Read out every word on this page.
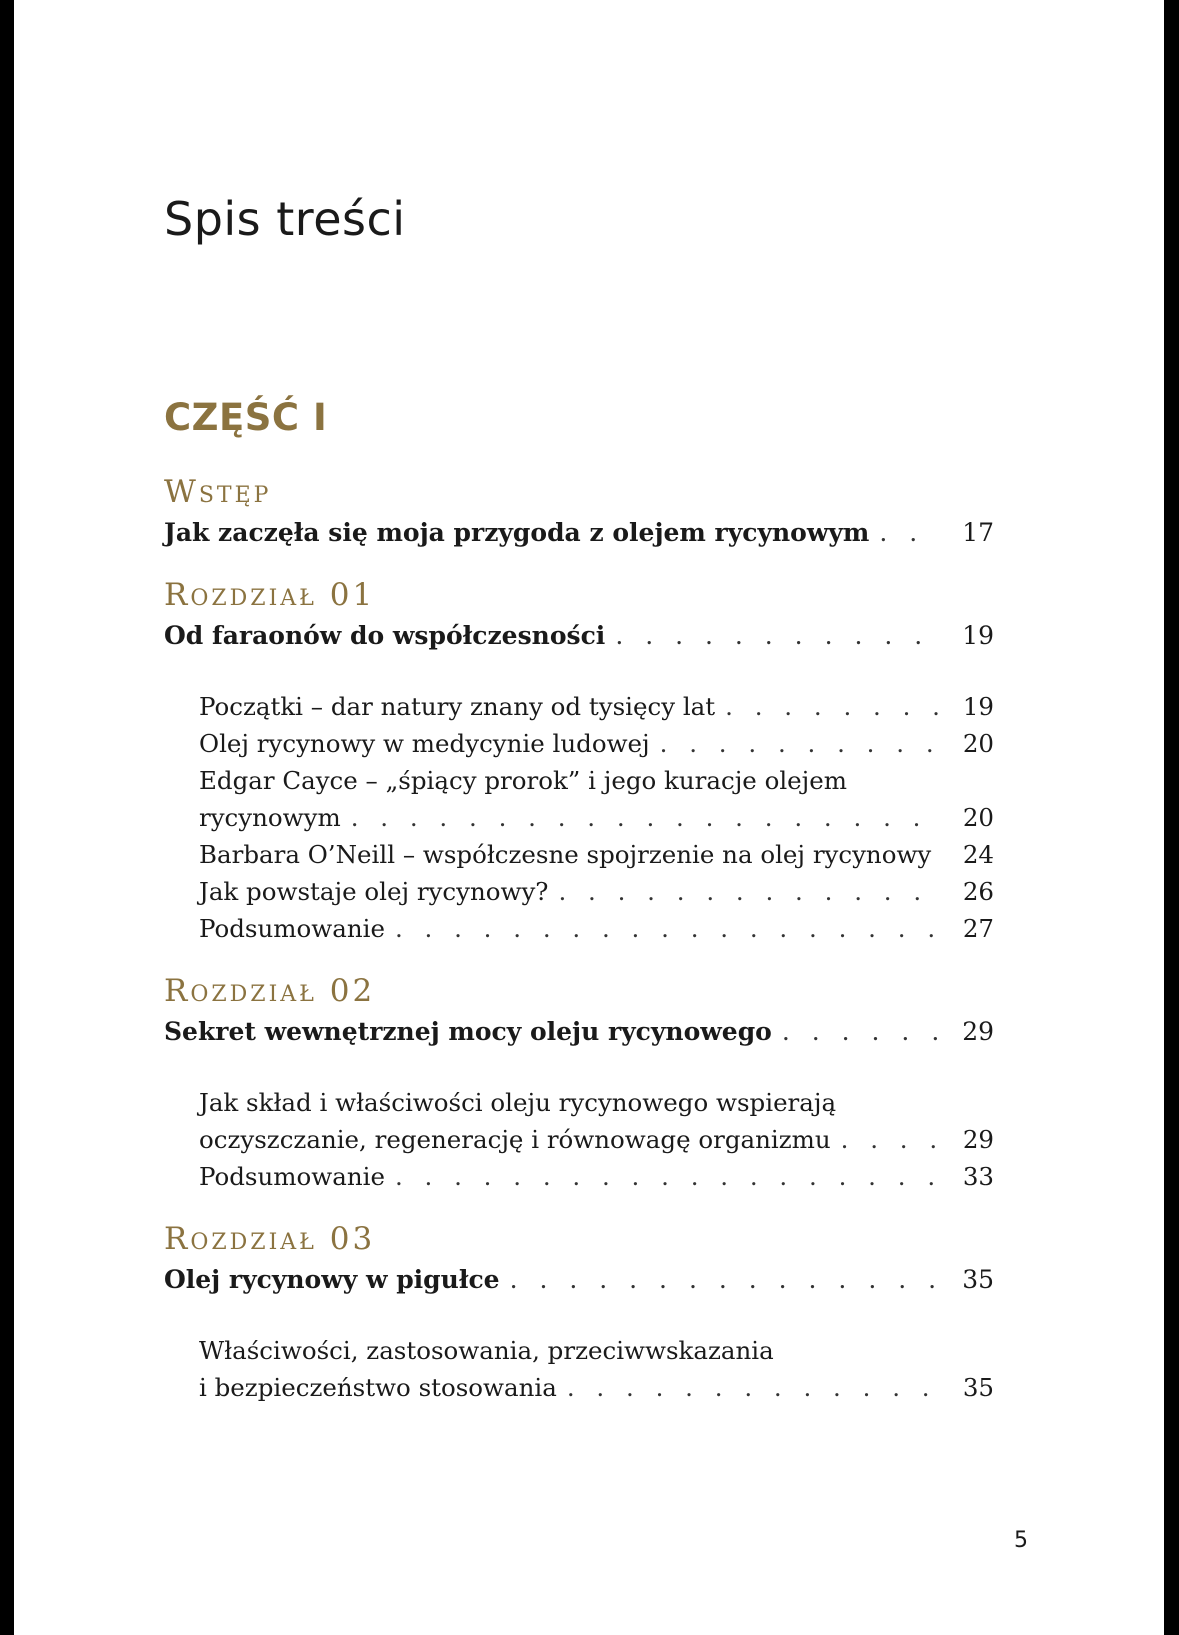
Spis treści
CZĘŚĆ I
Wstęp
Jak zaczęła się moja przygoda z olejem rycynowym . . .	17
Rozdział 01
Od faraonów do współczesności . . .	19
Początki – dar natury znany od tysięcy lat . . .	19
Olej rycynowy w medycynie ludowej . . .	20
Edgar Cayce – „śpiący prorok” i jego kuracje olejem
rycynowym . . .	20
Barbara O’Neill – współczesne spojrzenie na olej rycynowy	24
Jak powstaje olej rycynowy? . . .	26
Podsumowanie . . .	27
Rozdział 02
Sekret wewnętrznej mocy oleju rycynowego . . .	29
Jak skład i właściwości oleju rycynowego wspierają
oczyszczanie, regenerację i równowagę organizmu . . .	29
Podsumowanie . . .	33
Rozdział 03
Olej rycynowy w pigułce . . .	35
Właściwości, zastosowania, przeciwwskazania
i bezpieczeństwo stosowania . . .	35
5
